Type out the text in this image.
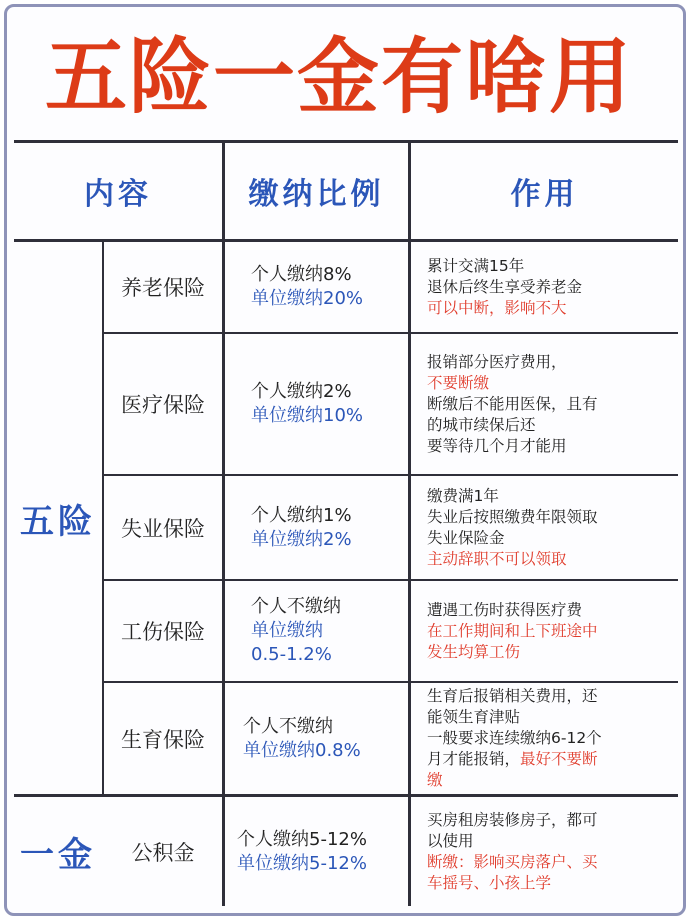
五险一金有啥用
内容	缴纳比例	作用
五险
一金
养老保险
个人缴纳8%
单位缴纳20%
累计交满15年
退休后终生享受养老金
可以中断，影响不大
医疗保险
个人缴纳2%
单位缴纳10%
报销部分医疗费用，
不要断缴
断缴后不能用医保，且有
的城市续保后还
要等待几个月才能用
失业保险
个人缴纳1%
单位缴纳2%
缴费满1年
失业后按照缴费年限领取
失业保险金
主动辞职不可以领取
工伤保险
个人不缴纳
单位缴纳
0.5-1.2%
遭遇工伤时获得医疗费
在工作期间和上下班途中
发生均算工伤
生育保险
个人不缴纳
单位缴纳0.8%
生育后报销相关费用，还
能领生育津贴
一般要求连续缴纳6-12个
月才能报销，最好不要断
缴
公积金
个人缴纳5-12%
单位缴纳5-12%
买房租房装修房子，都可
以使用
断缴：影响买房落户、买
车摇号、小孩上学
